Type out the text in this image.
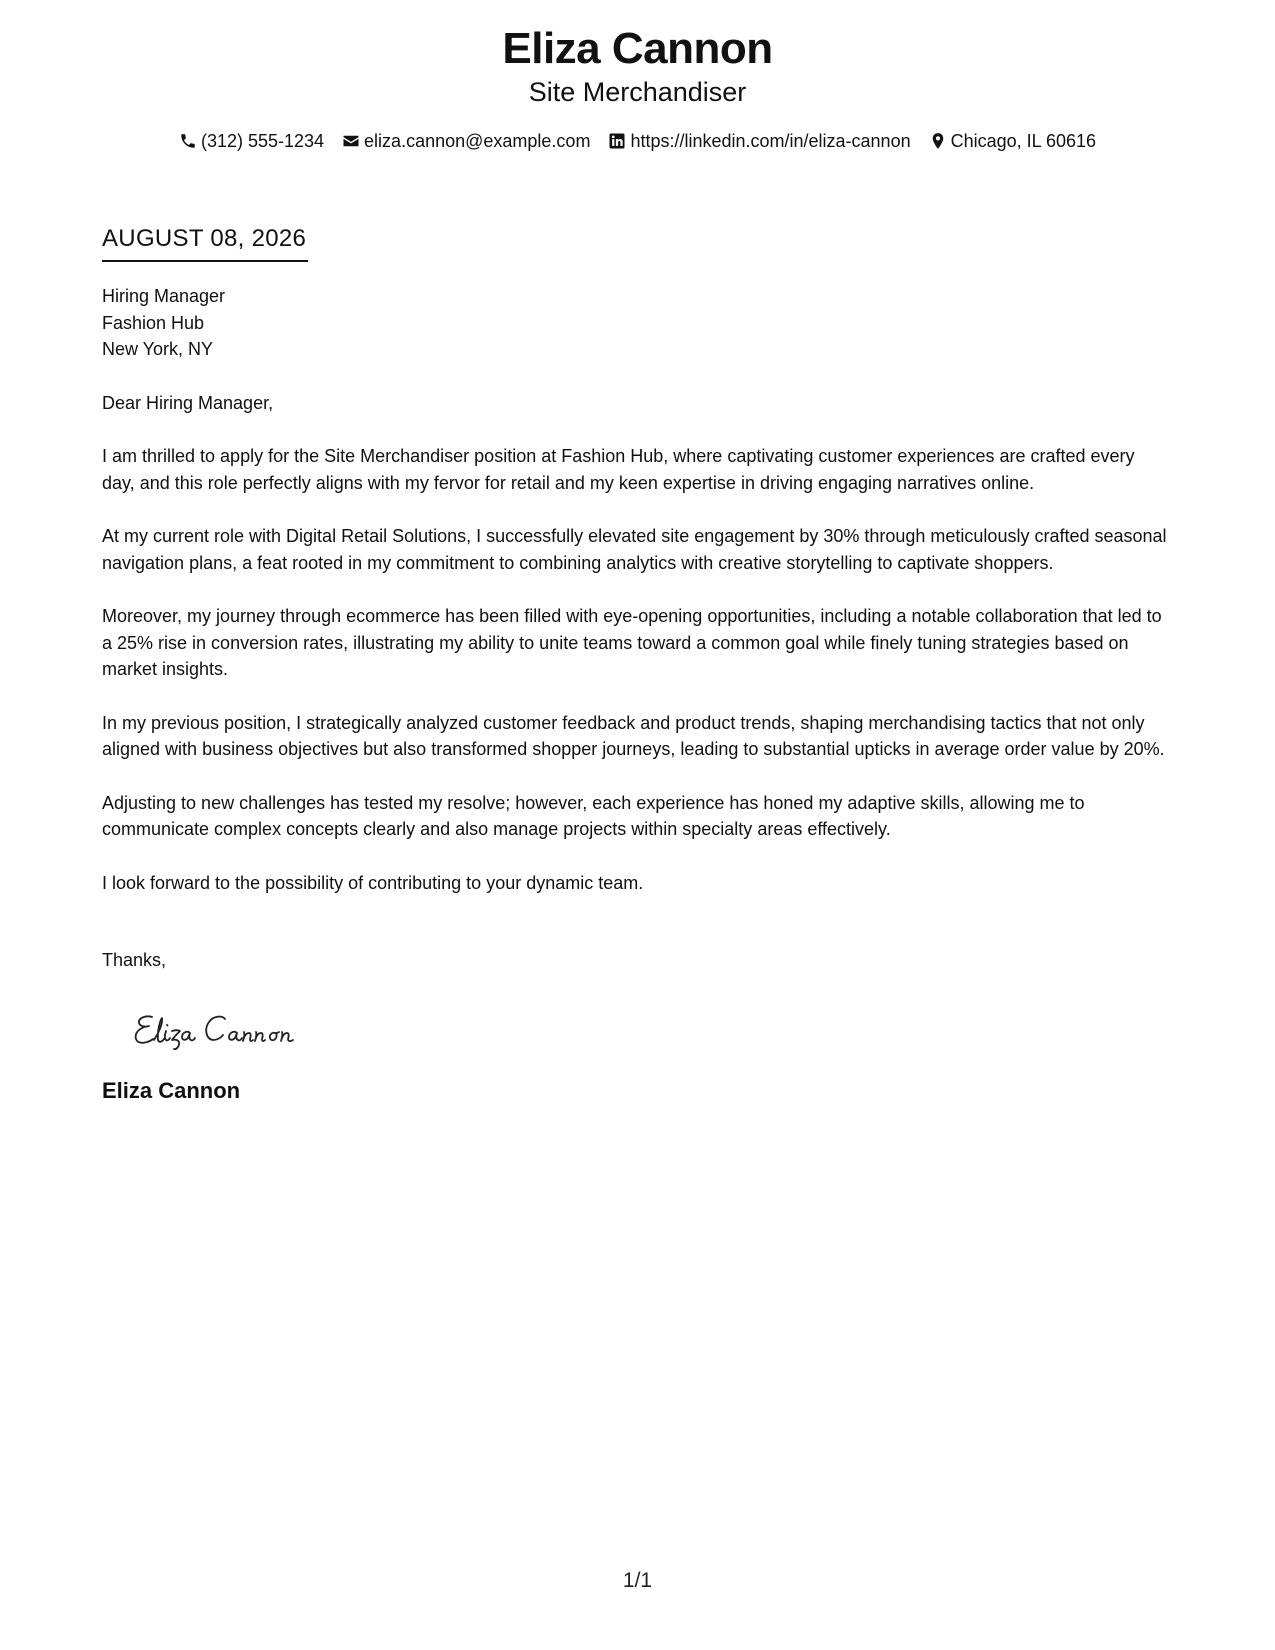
Eliza Cannon
Site Merchandiser
(312) 555-1234 eliza.cannon@example.com https://linkedin.com/in/eliza-cannon Chicago, IL 60616
AUGUST 08, 2026
Hiring Manager
Fashion Hub
New York, NY
Dear Hiring Manager,

I am thrilled to apply for the Site Merchandiser position at Fashion Hub, where captivating customer experiences are crafted every day, and this role perfectly aligns with my fervor for retail and my keen expertise in driving engaging narratives online.

At my current role with Digital Retail Solutions, I successfully elevated site engagement by 30% through meticulously crafted seasonal navigation plans, a feat rooted in my commitment to combining analytics with creative storytelling to captivate shoppers.

Moreover, my journey through ecommerce has been filled with eye-opening opportunities, including a notable collaboration that led to a 25% rise in conversion rates, illustrating my ability to unite teams toward a common goal while finely tuning strategies based on market insights.

In my previous position, I strategically analyzed customer feedback and product trends, shaping merchandising tactics that not only aligned with business objectives but also transformed shopper journeys, leading to substantial upticks in average order value by 20%.

Adjusting to new challenges has tested my resolve; however, each experience has honed my adaptive skills, allowing me to communicate complex concepts clearly and also manage projects within specialty areas effectively.

I look forward to the possibility of contributing to your dynamic team.

Thanks,
Eliza Cannon
1/1
